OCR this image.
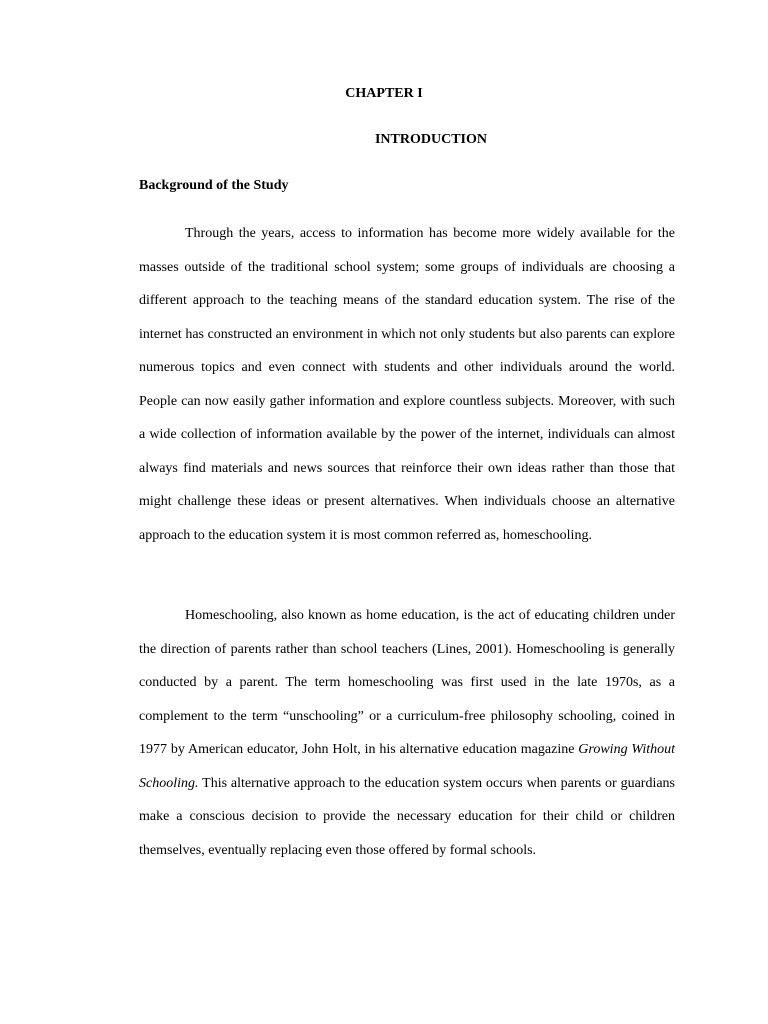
CHAPTER I

INTRODUCTION

Background of the Study

Through the years, access to information has become more widely available for the masses outside of the traditional school system; some groups of individuals are choosing a different approach to the teaching means of the standard education system. The rise of the internet has constructed an environment in which not only students but also parents can explore numerous topics and even connect with students and other individuals around the world. People can now easily gather information and explore countless subjects. Moreover, with such a wide collection of information available by the power of the internet, individuals can almost always find materials and news sources that reinforce their own ideas rather than those that might challenge these ideas or present alternatives. When individuals choose an alternative approach to the education system it is most common referred as, homeschooling.

Homeschooling, also known as home education, is the act of educating children under the direction of parents rather than school teachers (Lines, 2001). Homeschooling is generally conducted by a parent. The term homeschooling was first used in the late 1970s, as a complement to the term “unschooling” or a curriculum-free philosophy schooling, coined in 1977 by American educator, John Holt, in his alternative education magazine Growing Without Schooling. This alternative approach to the education system occurs when parents or guardians make a conscious decision to provide the necessary education for their child or children themselves, eventually replacing even those offered by formal schools.
